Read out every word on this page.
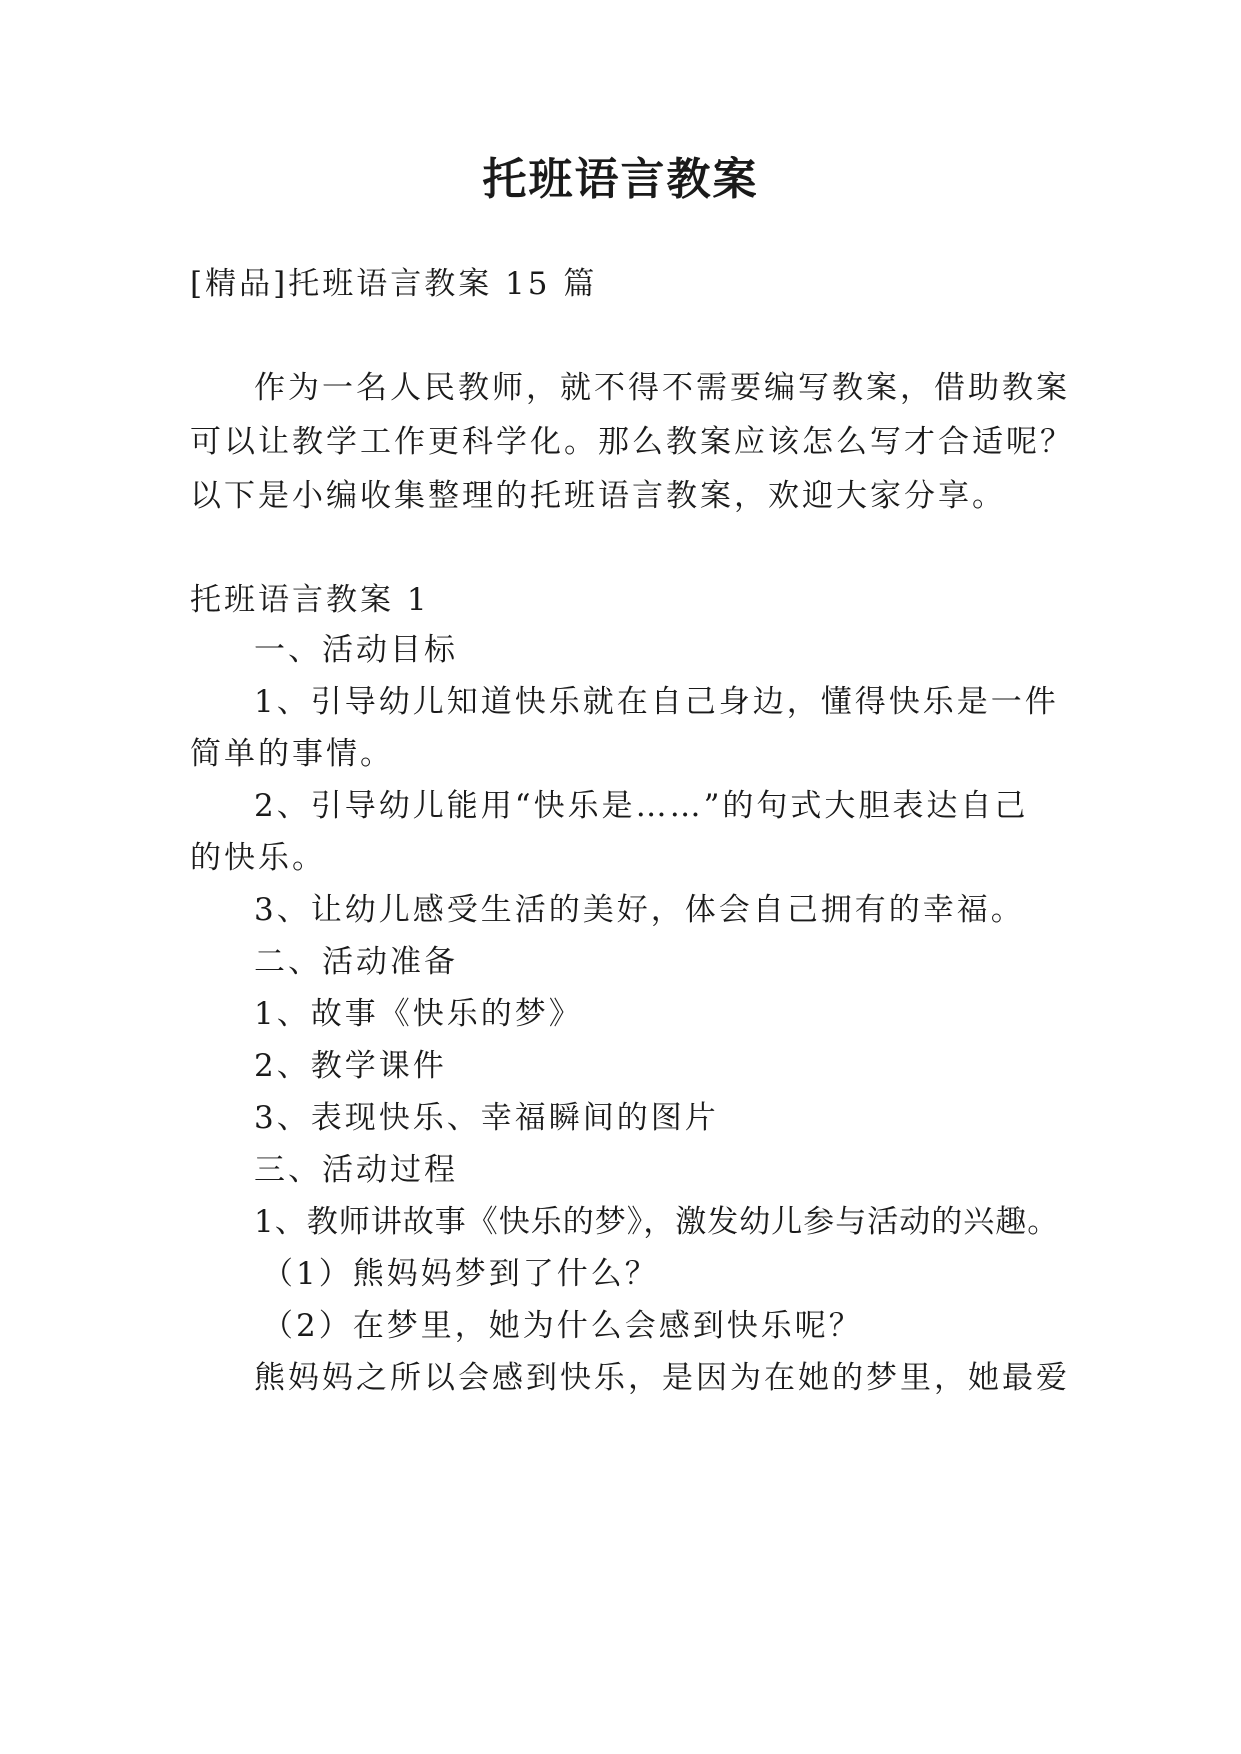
托班语言教案
[精品]托班语言教案 15 篇
作为一名人民教师，就不得不需要编写教案，借助教案
可以让教学工作更科学化。那么教案应该怎么写才合适呢？
以下是小编收集整理的托班语言教案，欢迎大家分享。
托班语言教案 1
一、活动目标
1、引导幼儿知道快乐就在自己身边，懂得快乐是一件
简单的事情。
2、引导幼儿能用“快乐是……”的句式大胆表达自己
的快乐。
3、让幼儿感受生活的美好，体会自己拥有的幸福。
二、活动准备
1、故事《快乐的梦》
2、教学课件
3、表现快乐、幸福瞬间的图片
三、活动过程
1、教师讲故事《快乐的梦》，激发幼儿参与活动的兴趣。
（1）熊妈妈梦到了什么？
（2）在梦里，她为什么会感到快乐呢？
熊妈妈之所以会感到快乐，是因为在她的梦里，她最爱
